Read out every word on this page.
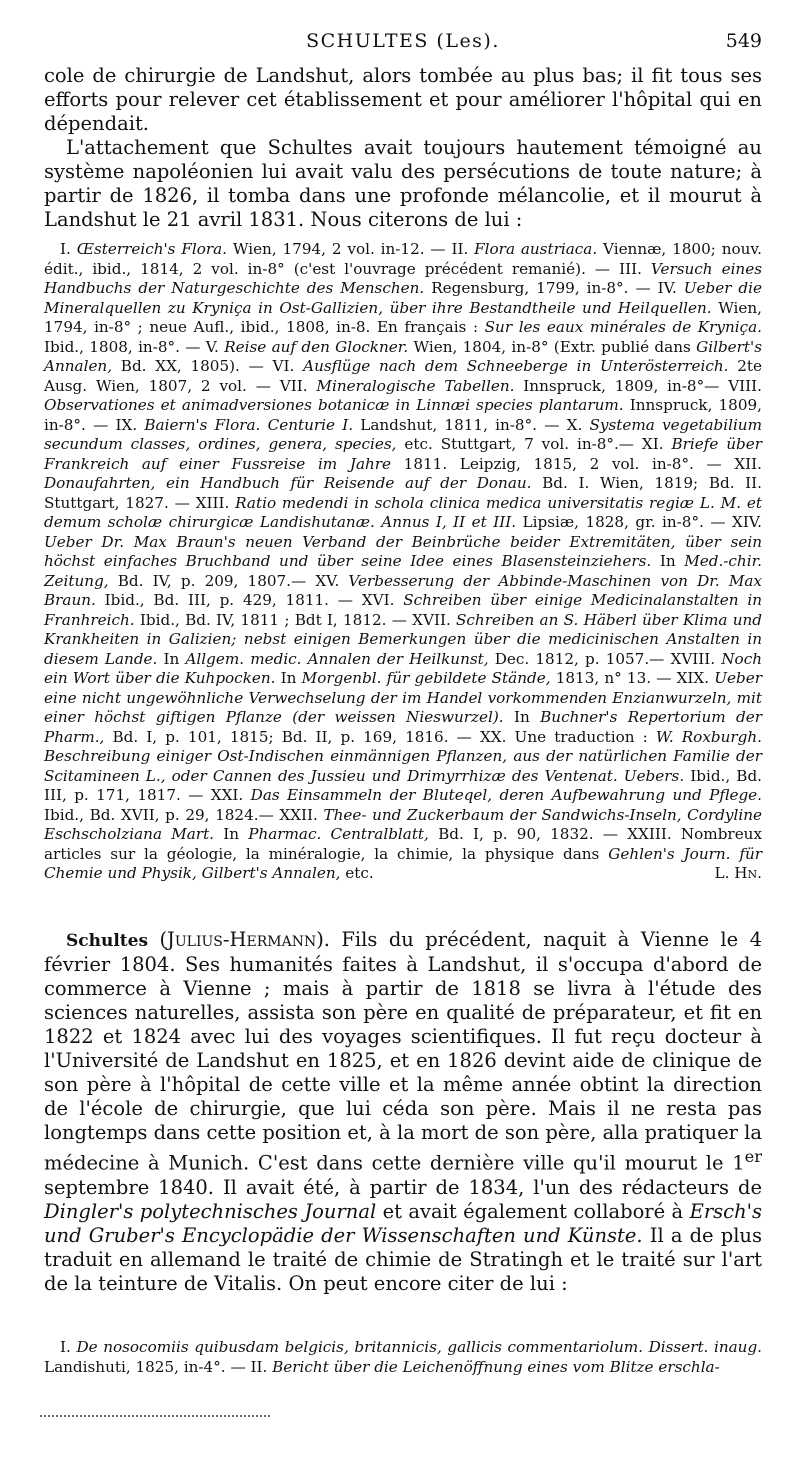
SCHULTES (Les).	549

cole de chirurgie de Landshut, alors tombée au plus bas; il fit tous ses efforts pour relever cet établissement et pour améliorer l'hôpital qui en dépendait.

L'attachement que Schultes avait toujours hautement témoigné au système napoléonien lui avait valu des persécutions de toute nature; à partir de 1826, il tomba dans une profonde mélancolie, et il mourut à Landshut le 21 avril 1831. Nous citerons de lui :

I. Œsterreich's Flora. Wien, 1794, 2 vol. in-12. — II. Flora austriaca. Viennæ, 1800; nouv. édit., ibid., 1814, 2 vol. in-8° (c'est l'ouvrage précédent remanié). — III. Versuch eines Handbuchs der Naturgeschichte des Menschen. Regensburg, 1799, in-8°. — IV. Ueber die Mineralquellen zu Kryniça in Ost-Gallizien, über ihre Bestandtheile und Heilquellen. Wien, 1794, in-8° ; neue Aufl., ibid., 1808, in-8. En français : Sur les eaux minérales de Kryniça. Ibid., 1808, in-8°. — V. Reise auf den Glockner. Wien, 1804, in-8° (Extr. publié dans Gilbert's Annalen, Bd. XX, 1805). — VI. Ausflüge nach dem Schneeberge in Unterösterreich. 2te Ausg. Wien, 1807, 2 vol. — VII. Mineralogische Tabellen. Innspruck, 1809, in-8°— VIII. Observationes et animadversiones botanicæ in Linnæi species plantarum. Innspruck, 1809, in-8°. — IX. Baiern's Flora. Centurie I. Landshut, 1811, in-8°. — X. Systema vegetabilium secundum classes, ordines, genera, species, etc. Stuttgart, 7 vol. in-8°.— XI. Briefe über Frankreich auf einer Fussreise im Jahre 1811. Leipzig, 1815, 2 vol. in-8°. — XII. Donaufahrten, ein Handbuch für Reisende auf der Donau. Bd. I. Wien, 1819; Bd. II. Stuttgart, 1827. — XIII. Ratio medendi in schola clinica medica universitatis regiæ L. M. et demum scholæ chirurgicæ Landishutanæ. Annus I, II et III. Lipsiæ, 1828, gr. in-8°. — XIV. Ueber Dr. Max Braun's neuen Verband der Beinbrüche beider Extremitäten, über sein höchst einfaches Bruchband und über seine Idee eines Blasensteinziehers. In Med.-chir. Zeitung, Bd. IV, p. 209, 1807.— XV. Verbesserung der Abbinde-Maschinen von Dr. Max Braun. Ibid., Bd. III, p. 429, 1811. — XVI. Schreiben über einige Medicinalanstalten in Franhreich. Ibid., Bd. IV, 1811 ; Bdt I, 1812. — XVII. Schreiben an S. Häberl über Klima und Krankheiten in Galizien; nebst einigen Bemerkungen über die medicinischen Anstalten in diesem Lande. In Allgem. medic. Annalen der Heilkunst, Dec. 1812, p. 1057.— XVIII. Noch ein Wort über die Kuhpocken. In Morgenbl. für gebildete Stände, 1813, n° 13. — XIX. Ueber eine nicht ungewöhnliche Verwechselung der im Handel vorkommenden Enzianwurzeln, mit einer höchst giftigen Pflanze (der weissen Nieswurzel). In Buchner's Repertorium der Pharm., Bd. I, p. 101, 1815; Bd. II, p. 169, 1816. — XX. Une traduction : W. Roxburgh. Beschreibung einiger Ost-Indischen einmännigen Pflanzen, aus der natürlichen Familie der Scitamineen L., oder Cannen des Jussieu und Drimyrrhizæ des Ventenat. Uebers. Ibid., Bd. III, p. 171, 1817. — XXI. Das Einsammeln der Bluteqel, deren Aufbewahrung und Pflege. Ibid., Bd. XVII, p. 29, 1824.— XXII. Thee- und Zuckerbaum der Sandwichs-Inseln, Cordyline Eschscholziana Mart. In Pharmac. Centralblatt, Bd. I, p. 90, 1832. — XXIII. Nombreux articles sur la géologie, la minéralogie, la chimie, la physique dans Gehlen's Journ. für Chemie und Physik, Gilbert's Annalen, etc.	L. Hn.

Schultes (Julius-Hermann). Fils du précédent, naquit à Vienne le 4 février 1804. Ses humanités faites à Landshut, il s'occupa d'abord de commerce à Vienne ; mais à partir de 1818 se livra à l'étude des sciences naturelles, assista son père en qualité de préparateur, et fit en 1822 et 1824 avec lui des voyages scientifiques. Il fut reçu docteur à l'Université de Landshut en 1825, et en 1826 devint aide de clinique de son père à l'hôpital de cette ville et la même année obtint la direction de l'école de chirurgie, que lui céda son père. Mais il ne resta pas longtemps dans cette position et, à la mort de son père, alla pratiquer la médecine à Munich. C'est dans cette dernière ville qu'il mourut le 1er septembre 1840. Il avait été, à partir de 1834, l'un des rédacteurs de Dingler's polytechnisches Journal et avait également collaboré à Ersch's und Gruber's Encyclopädie der Wissenschaften und Künste. Il a de plus traduit en allemand le traité de chimie de Stratingh et le traité sur l'art de la teinture de Vitalis. On peut encore citer de lui :

I. De nosocomiis quibusdam belgicis, britannicis, gallicis commentariolum. Dissert. inaug. Landishuti, 1825, in-4°. — II. Bericht über die Leichenöffnung eines vom Blitze erschla-
